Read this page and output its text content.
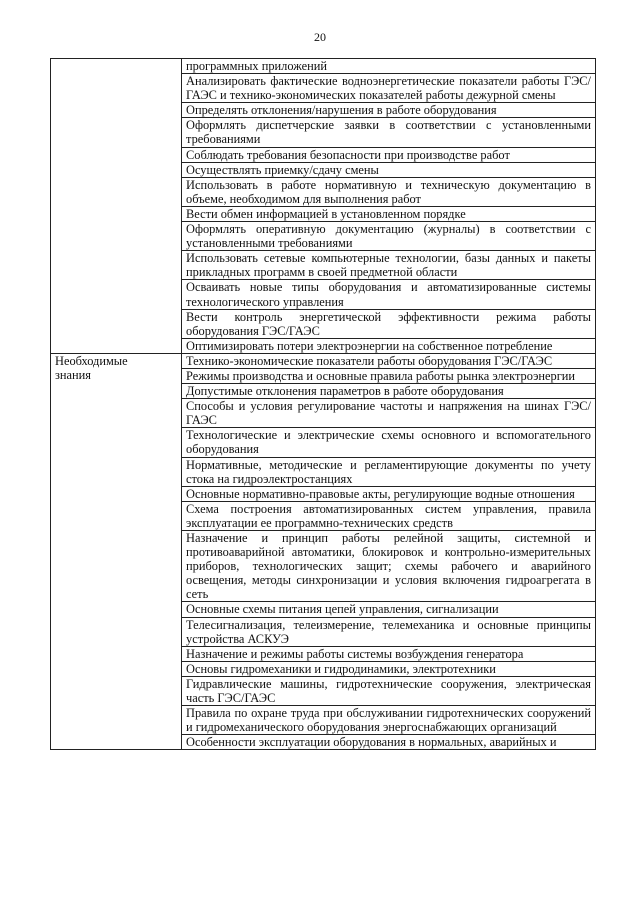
20
	программных приложений
	Анализировать фактические водноэнергетические показатели работы ГЭС/ГАЭС и технико-экономических показателей работы дежурной смены
	Определять отклонения/нарушения в работе оборудования
	Оформлять диспетчерские заявки в соответствии с установленными требованиями
	Соблюдать требования безопасности при производстве работ
	Осуществлять приемку/сдачу смены
	Использовать в работе нормативную и техническую документацию в объеме, необходимом для выполнения работ
	Вести обмен информацией в установленном порядке
	Оформлять оперативную документацию (журналы) в соответствии с установленными требованиями
	Использовать сетевые компьютерные технологии, базы данных и пакеты прикладных программ в своей предметной области
	Осваивать новые типы оборудования и автоматизированные системы технологического управления
	Вести контроль энергетической эффективности режима работы оборудования ГЭС/ГАЭС
	Оптимизировать потери электроэнергии на собственное потребление

Необходимые
знания	Технико-экономические показатели работы оборудования ГЭС/ГАЭС
	Режимы производства и основные правила работы рынка электроэнергии
	Допустимые отклонения параметров в работе оборудования
	Способы и условия регулирование частоты и напряжения на шинах ГЭС/ГАЭС
	Технологические и электрические схемы основного и вспомогательного оборудования
	Нормативные, методические и регламентирующие документы по учету стока на гидроэлектростанциях
	Основные нормативно-правовые акты, регулирующие водные отношения
	Схема построения автоматизированных систем управления, правила эксплуатации ее программно-технических средств
	Назначение и принцип работы релейной защиты, системной и противоаварийной автоматики, блокировок и контрольно-измерительных приборов, технологических защит; схемы рабочего и аварийного освещения, методы синхронизации и условия включения гидроагрегата в сеть
	Основные схемы питания цепей управления, сигнализации
	Телесигнализация, телеизмерение, телемеханика и основные принципы устройства АСКУЭ
	Назначение и режимы работы системы возбуждения генератора
	Основы гидромеханики и гидродинамики, электротехники
	Гидравлические машины, гидротехнические сооружения, электрическая часть ГЭС/ГАЭС
	Правила по охране труда при обслуживании гидротехнических сооружений и гидромеханического оборудования энергоснабжающих организаций
	Особенности эксплуатации оборудования в нормальных, аварийных и
